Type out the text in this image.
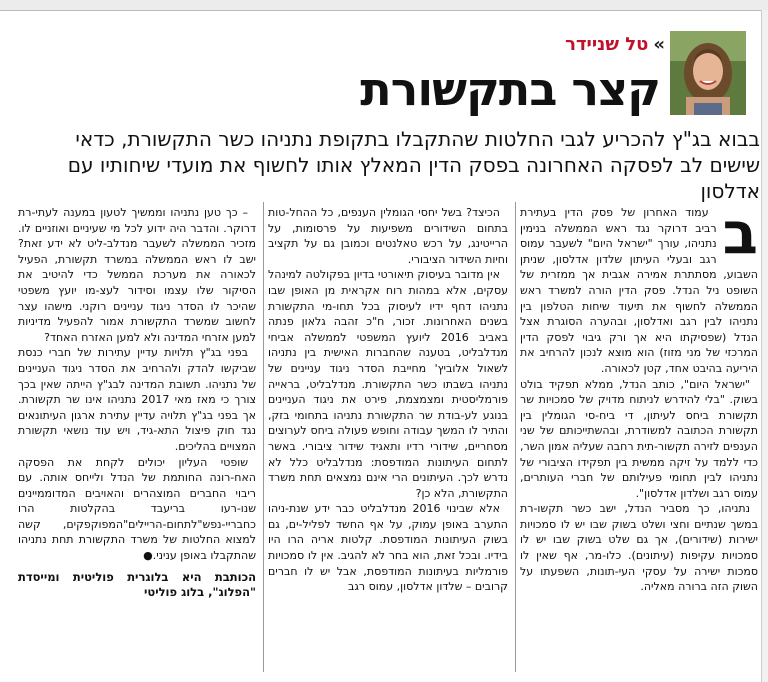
»טל שניידר
קצר בתקשורת
בבוא בג"ץ להכריע לגבי החלטות שהתקבלו בתקופת נתניהו כשר התקשורת, כדאי שישים לב לפסקה האחרונה בפסק הדין המאלץ אותו לחשוף את מועדי שיחותיו עם אדלסון
ב

עמוד האחרון של פסק הדין בעתירת רביב דרוקר נגד ראש הממשלה בנימין נתניהו, עורך "ישראל היום" לשעבר עמוס רגב ובעלי העיתון שלדון אדלסון, שניתן השבוע, מסתתרת אמירה אגבית אך ממזרית של השופט ניל הנדל. פסק הדין הורה למשרד ראש הממשלה לחשוף את תיעוד שיחות הטלפון בין נתניהו לבין רגב ואדלסון, ובהערה הסוגרת אצל הנדל (שפסיקתו היא אך ורק גיבוי לפסק הדין המרכזי של מני מזוז) הוא מוצא לנכון להרחיב את היריעה בהיבט אחד, קטן לכאורה.

"ישראל היום", כותב הנדל, ממלא תפקיד בולט בשוק. "בלי להידרש לניתוח מדויק של סמכויות שר תקשורת ביחס לעיתון, די ביח-סי הגומלין בין תקשורת הכתובה למשודרת, ובהשתייכותם של שני הענפים לזירה תקשור-תית רחבה שעליה אמון השר, כדי ללמד על זיקה ממשית בין תפקידו הציבורי של נתניהו לבין תחומי פעילותם של חברי העותרים, עמוס רגב ושלדון אדלסון".

נתניהו, כך מסביר הנדל, ישב כשר תקשו-רת במשך שנתיים וחצי ושלט בשוק שבו יש לו סמכויות ישירות (שידורים), אך גם שלט בשוק שבו יש לו סמכויות עקיפות (עיתונים). כלו-מר, אף שאין לו סמכות ישירה על עסקי העי-תונות, השפעתו על השוק הזה ברורה מאליה.

הכיצד? בשל יחסי הגומלין הענפים, כל ההחל-טות בתחום השידורים משפיעות על פרסומות, על הרייטינג, על רכש טאלנטים וכמובן גם על תקציב וחיות השידור הציבורי.

אין מדובר בעיסוק תיאורטי בדיון בפקולטה למינהל עסקים, אלא במהות רוח אקראית מן האופן שבו נתניהו דחף ידיו לעיסוק בכל תחו-מי התקשורת בשנים האחרונות. זכור, ח"כ זהבה גלאון פנתה באביב 2016 ליועץ המשפטי לממשלה אביחי מנדלבליט, בטענה שהחברות האישית בין נתניהו לשאול אלוביץ' מחייבת הסדר ניגוד עניינים של נתניהו בשבתו כשר התקשורת. מנדלבליט, בראייה פורמליסטית ומצמצמת, פירט את ניגוד העניינים בנוגע לע-בודת שר התקשורת נתניהו בתחומי בזק, והתיר לו המשך עבודה וחופש פעולה ביחס לערוצים מסחריים, שידורי רדיו ותאגיד שידור ציבורי. באשר לתחום העיתונות המודפסת: מנדלבליט כלל לא נדרש לכך. העיתונים הרי אינם נמצאים תחת משרד התקשורת, הלא כן?

אלא שבינוי 2016 מנדלבליט כבר ידע שנת-ניהו התערב באופן עמוק, על אף החשד לפליל-ים, גם בשוק העיתונות המודפסת. קלטות אריה הרו היו בידיו. ובכל זאת, הוא בחר לא להגיב. אין לו סמכויות פורמליות בעיתונות המודפסת, אבל יש לו חברים קרובים – שלדון אדלסון, עמוס רגב

– כך טען נתניהו וממשיך לטעון במענה לעתי-רת דרוקר. והדבר היה ידוע לכל מי שעיניים ואוזניים לו. מזכיר הממשלה לשעבר מנדלב-ליט לא ידע זאת? ישב לו ראש הממשלה במשרד תקשורת, הפעיל לכאורה את מערכת הממשל כדי להיטיב את הסיקור שלו עצמו וסידור לעצ-מו יועץ משפטי שהיכר לו הסדר ניגוד עניינים רוקני. מישהו עצר לחשוב שמשרד התקשורת אמור להפעיל מדיניות למען אזרחי המדינה ולא למען האזרח האחד?

בפני בג"ץ תלויות עדיין עתירות של חברי כנסת שביקשו להדק ולהרחיב את הסדר ניגוד העניינים של נתניהו. תשובת המדינה לבג"ץ הייתה שאין בכך צורך כי מאז מאי 2017 נתניהו אינו שר תקשורת. אך בפני בג"ץ תלויה עדיין עתירת ארגון העיתונאים נגד חוק פיצול התא-גיד, ויש עוד נושאי תקשורת המצויים בהליכים.

שופטי העליון יכולים לקחת את הפסקה האח-רונה החותמת של הנדל ולייחס אותה. עם ריבוי החברים המוצהרים והאויבים המדוממיינים שנו-רעו בריעבד בהקלטות הרו כחבריי-נפש"לתחום-הריילים"המפוקפקים, קשה למצוא החלטות של משרד התקשורת תחת נתניהו שהתקבלו באופן עניני.●

הכותבת היא בלוגרית פוליטית ומייסדת "הפלוג", בלוג פוליטי
